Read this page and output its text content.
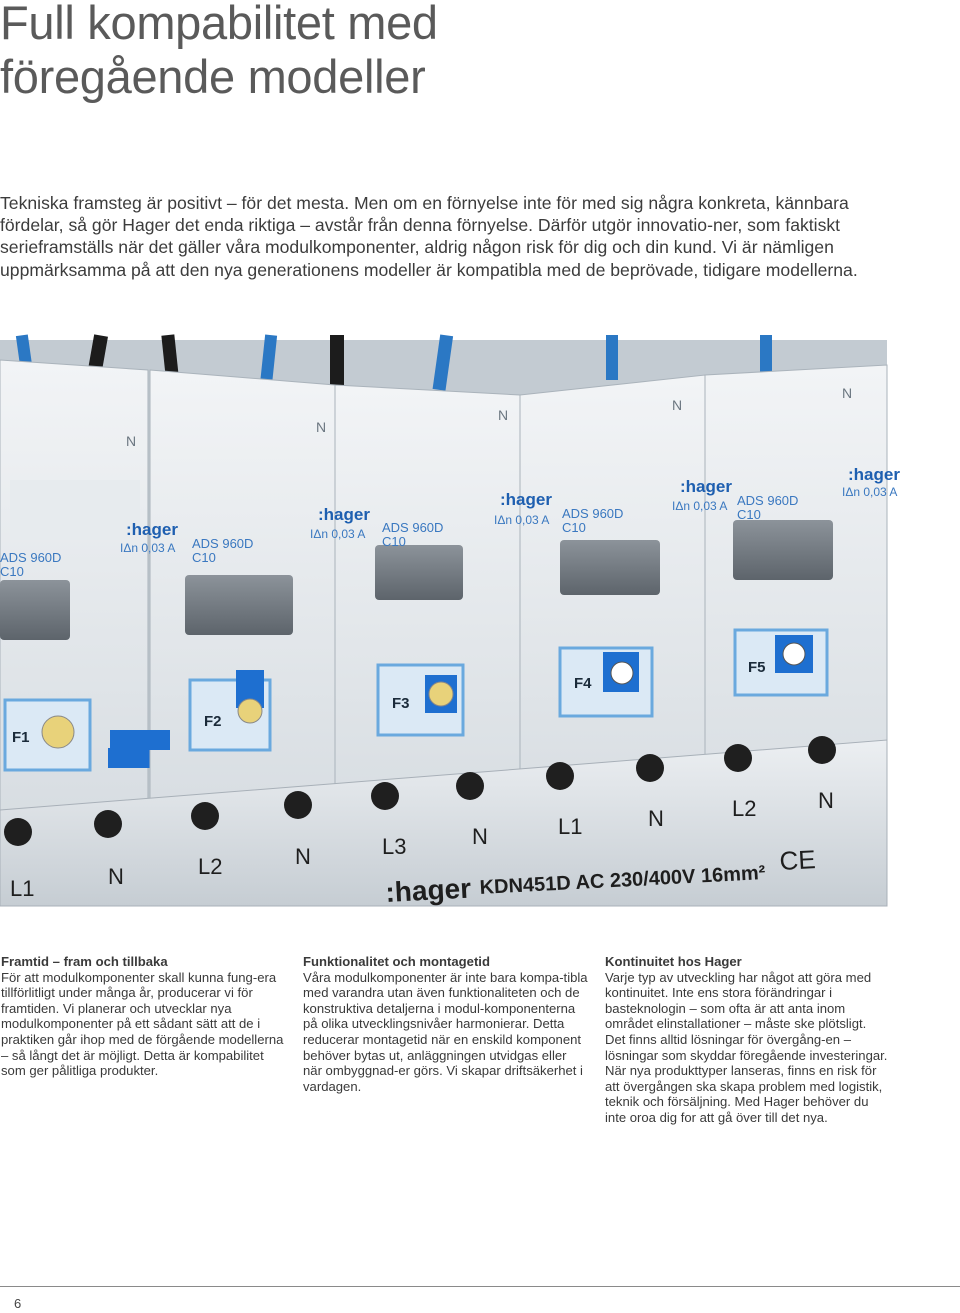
Full kompabilitet med
föregående modeller

Tekniska framsteg är positivt – för det mesta. Men om en förnyelse inte för med sig några konkreta, kännbara fördelar, så gör Hager det enda riktiga – avstår från denna förnyelse. Därför utgör innovatio-ner, som faktiskt serieframställs när det gäller våra modulkomponenter, aldrig någon risk för dig och din kund. Vi är nämligen uppmärksamma på att den nya generationens modeller är kompatibla med de beprövade, tidigare modellerna.

:hager
:hager
:hager
:hager
:hager
ADS 960D
C10
ADS 960D
C10
ADS 960D
C10
ADS 960D
C10
ADS 960D
C10
IΔn 0,03 A
IΔn 0,03 A
IΔn 0,03 A
IΔn 0,03 A
IΔn 0,03 A
N
N
N
N
N
F1
F2
F3
F4
F5
L1	N	L2	N	L3	N	L1	N	L2	N
:hager KDN451D AC 230/400V 16mm²
CE
Framtid – fram och tillbaka

För att modulkomponenter skall kunna fung-era tillförlitligt under många år, producerar vi för framtiden. Vi planerar och utvecklar nya modulkomponenter på ett sådant sätt att de i praktiken går ihop med de förgående modellerna – så långt det är möjligt. Detta är kompabilitet som ger pålitliga produkter.

Funktionalitet och montagetid

Våra modulkomponenter är inte bara kompa-tibla med varandra utan även funktionaliteten och de konstruktiva detaljerna i modul-komponenterna på olika utvecklingsnivåer harmonierar. Detta reducerar montagetid när en enskild komponent behöver bytas ut, anläggningen utvidgas eller när ombyggnad-er görs. Vi skapar driftsäkerhet i vardagen.

Kontinuitet hos Hager

Varje typ av utveckling har något att göra med kontinuitet. Inte ens stora förändringar i basteknologin – som ofta är att anta inom området elinstallationer – måste ske plötsligt. Det finns alltid lösningar för övergång-en – lösningar som skyddar föregående investeringar. När nya produkttyper lanseras, finns en risk för att övergången ska skapa problem med logistik, teknik och försäljning. Med Hager behöver du inte oroa dig for att gå över till det nya.

6
